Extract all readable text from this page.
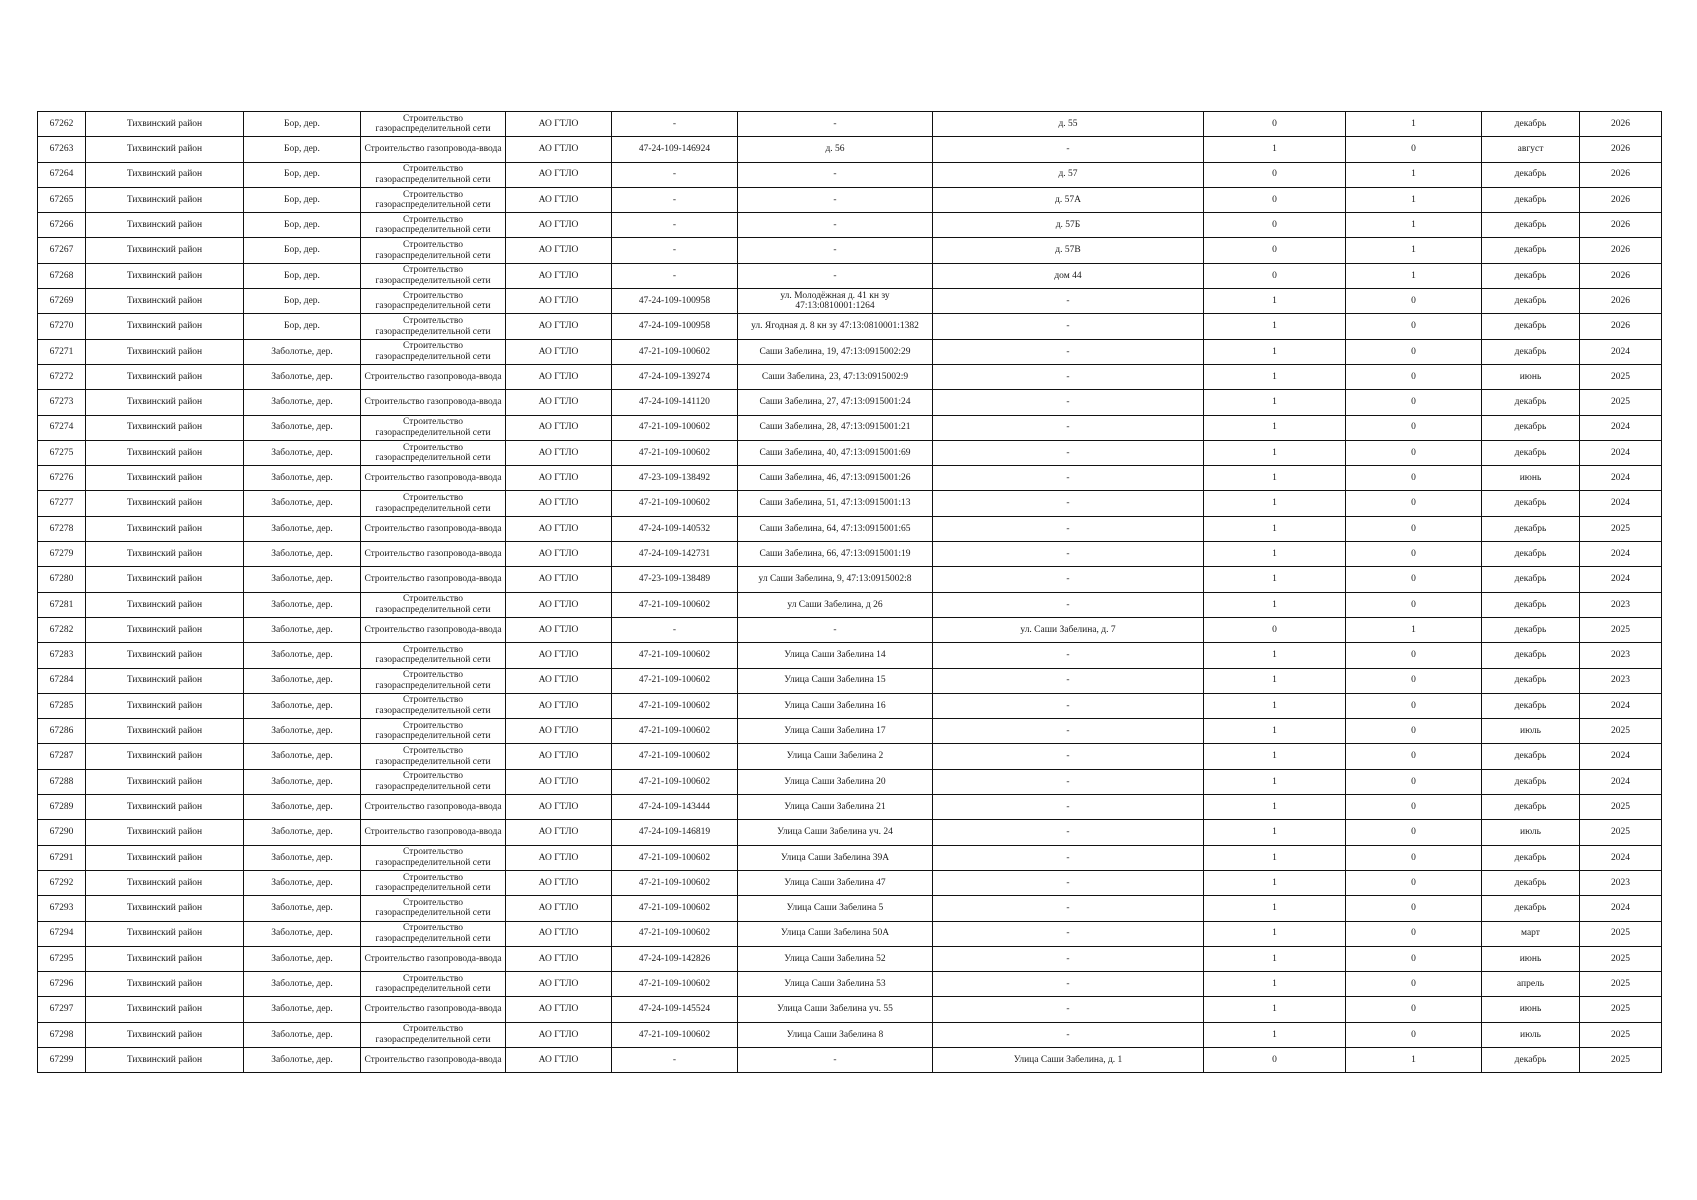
67262	Тихвинский район	Бор, дер.	Строительство газораспределительной сети	АО ГТЛО	-	-	д. 55	0	1	декабрь	2026
67263	Тихвинский район	Бор, дер.	Строительство газопровода-ввода	АО ГТЛО	47-24-109-146924	д. 56	-	1	0	август	2026
67264	Тихвинский район	Бор, дер.	Строительство газораспределительной сети	АО ГТЛО	-	-	д. 57	0	1	декабрь	2026
67265	Тихвинский район	Бор, дер.	Строительство газораспределительной сети	АО ГТЛО	-	-	д. 57А	0	1	декабрь	2026
67266	Тихвинский район	Бор, дер.	Строительство газораспределительной сети	АО ГТЛО	-	-	д. 57Б	0	1	декабрь	2026
67267	Тихвинский район	Бор, дер.	Строительство газораспределительной сети	АО ГТЛО	-	-	д. 57В	0	1	декабрь	2026
67268	Тихвинский район	Бор, дер.	Строительство газораспределительной сети	АО ГТЛО	-	-	дом 44	0	1	декабрь	2026
67269	Тихвинский район	Бор, дер.	Строительство газораспределительной сети	АО ГТЛО	47-24-109-100958	ул. Молодёжная д. 41 кн зу 47:13:0810001:1264	-	1	0	декабрь	2026
67270	Тихвинский район	Бор, дер.	Строительство газораспределительной сети	АО ГТЛО	47-24-109-100958	ул. Ягодная д. 8 кн зу 47:13:0810001:1382	-	1	0	декабрь	2026
67271	Тихвинский район	Заболотье, дер.	Строительство газораспределительной сети	АО ГТЛО	47-21-109-100602	Саши Забелина, 19, 47:13:0915002:29	-	1	0	декабрь	2024
67272	Тихвинский район	Заболотье, дер.	Строительство газопровода-ввода	АО ГТЛО	47-24-109-139274	Саши Забелина, 23, 47:13:0915002:9	-	1	0	июнь	2025
67273	Тихвинский район	Заболотье, дер.	Строительство газопровода-ввода	АО ГТЛО	47-24-109-141120	Саши Забелина, 27, 47:13:0915001:24	-	1	0	декабрь	2025
67274	Тихвинский район	Заболотье, дер.	Строительство газораспределительной сети	АО ГТЛО	47-21-109-100602	Саши Забелина, 28, 47:13:0915001:21	-	1	0	декабрь	2024
67275	Тихвинский район	Заболотье, дер.	Строительство газораспределительной сети	АО ГТЛО	47-21-109-100602	Саши Забелина, 40, 47:13:0915001:69	-	1	0	декабрь	2024
67276	Тихвинский район	Заболотье, дер.	Строительство газопровода-ввода	АО ГТЛО	47-23-109-138492	Саши Забелина, 46, 47:13:0915001:26	-	1	0	июнь	2024
67277	Тихвинский район	Заболотье, дер.	Строительство газораспределительной сети	АО ГТЛО	47-21-109-100602	Саши Забелина, 51, 47:13:0915001:13	-	1	0	декабрь	2024
67278	Тихвинский район	Заболотье, дер.	Строительство газопровода-ввода	АО ГТЛО	47-24-109-140532	Саши Забелина, 64, 47:13:0915001:65	-	1	0	декабрь	2025
67279	Тихвинский район	Заболотье, дер.	Строительство газопровода-ввода	АО ГТЛО	47-24-109-142731	Саши Забелина, 66, 47:13:0915001:19	-	1	0	декабрь	2024
67280	Тихвинский район	Заболотье, дер.	Строительство газопровода-ввода	АО ГТЛО	47-23-109-138489	ул Саши Забелина, 9, 47:13:0915002:8	-	1	0	декабрь	2024
67281	Тихвинский район	Заболотье, дер.	Строительство газораспределительной сети	АО ГТЛО	47-21-109-100602	ул Саши Забелина, д 26	-	1	0	декабрь	2023
67282	Тихвинский район	Заболотье, дер.	Строительство газопровода-ввода	АО ГТЛО	-	-	ул. Саши Забелина, д. 7	0	1	декабрь	2025
67283	Тихвинский район	Заболотье, дер.	Строительство газораспределительной сети	АО ГТЛО	47-21-109-100602	Улица Саши Забелина 14	-	1	0	декабрь	2023
67284	Тихвинский район	Заболотье, дер.	Строительство газораспределительной сети	АО ГТЛО	47-21-109-100602	Улица Саши Забелина 15	-	1	0	декабрь	2023
67285	Тихвинский район	Заболотье, дер.	Строительство газораспределительной сети	АО ГТЛО	47-21-109-100602	Улица Саши Забелина 16	-	1	0	декабрь	2024
67286	Тихвинский район	Заболотье, дер.	Строительство газораспределительной сети	АО ГТЛО	47-21-109-100602	Улица Саши Забелина 17	-	1	0	июль	2025
67287	Тихвинский район	Заболотье, дер.	Строительство газораспределительной сети	АО ГТЛО	47-21-109-100602	Улица Саши Забелина 2	-	1	0	декабрь	2024
67288	Тихвинский район	Заболотье, дер.	Строительство газораспределительной сети	АО ГТЛО	47-21-109-100602	Улица Саши Забелина 20	-	1	0	декабрь	2024
67289	Тихвинский район	Заболотье, дер.	Строительство газопровода-ввода	АО ГТЛО	47-24-109-143444	Улица Саши Забелина 21	-	1	0	декабрь	2025
67290	Тихвинский район	Заболотье, дер.	Строительство газопровода-ввода	АО ГТЛО	47-24-109-146819	Улица Саши Забелина уч. 24	-	1	0	июль	2025
67291	Тихвинский район	Заболотье, дер.	Строительство газораспределительной сети	АО ГТЛО	47-21-109-100602	Улица Саши Забелина 39А	-	1	0	декабрь	2024
67292	Тихвинский район	Заболотье, дер.	Строительство газораспределительной сети	АО ГТЛО	47-21-109-100602	Улица Саши Забелина 47	-	1	0	декабрь	2023
67293	Тихвинский район	Заболотье, дер.	Строительство газораспределительной сети	АО ГТЛО	47-21-109-100602	Улица Саши Забелина 5	-	1	0	декабрь	2024
67294	Тихвинский район	Заболотье, дер.	Строительство газораспределительной сети	АО ГТЛО	47-21-109-100602	Улица Саши Забелина 50А	-	1	0	март	2025
67295	Тихвинский район	Заболотье, дер.	Строительство газопровода-ввода	АО ГТЛО	47-24-109-142826	Улица Саши Забелина 52	-	1	0	июнь	2025
67296	Тихвинский район	Заболотье, дер.	Строительство газораспределительной сети	АО ГТЛО	47-21-109-100602	Улица Саши Забелина 53	-	1	0	апрель	2025
67297	Тихвинский район	Заболотье, дер.	Строительство газопровода-ввода	АО ГТЛО	47-24-109-145524	Улица Саши Забелина уч. 55	-	1	0	июнь	2025
67298	Тихвинский район	Заболотье, дер.	Строительство газораспределительной сети	АО ГТЛО	47-21-109-100602	Улица Саши Забелина 8	-	1	0	июль	2025
67299	Тихвинский район	Заболотье, дер.	Строительство газопровода-ввода	АО ГТЛО	-	-	Улица Саши Забелина, д. 1	0	1	декабрь	2025
